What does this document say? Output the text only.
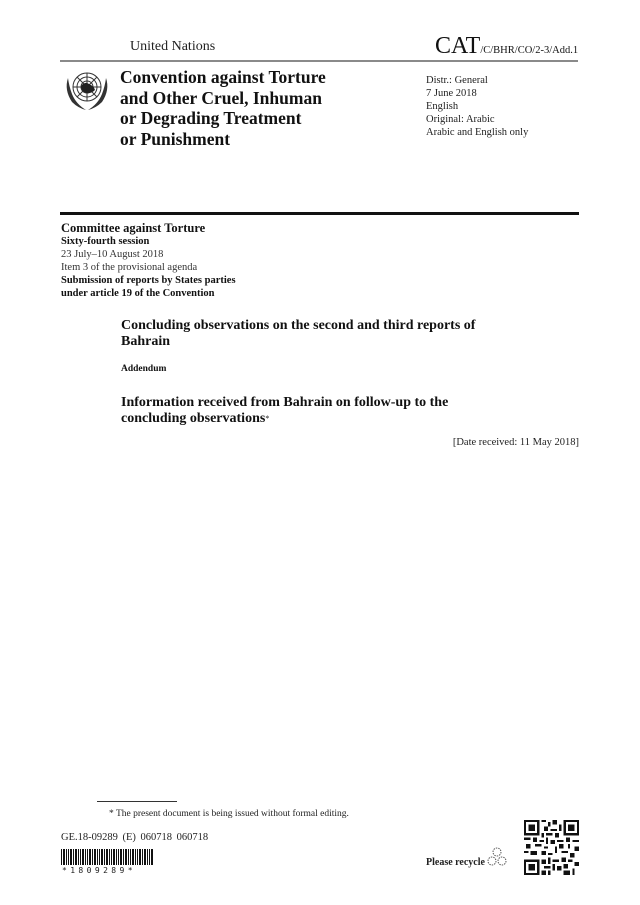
United Nations	CAT/C/BHR/CO/2-3/Add.1
Convention against Torture
and Other Cruel, Inhuman
or Degrading Treatment
or Punishment
Distr.: General
7 June 2018
English
Original: Arabic
Arabic and English only
Committee against Torture
Sixty-fourth session
23 July–10 August 2018
Item 3 of the provisional agenda
Submission of reports by States parties
under article 19 of the Convention
Concluding observations on the second and third reports of
Bahrain
Addendum
Information received from Bahrain on follow-up to the
concluding observations*
[Date received: 11 May 2018]
* The present document is being issued without formal editing.
GE.18-09289 (E) 060718 060718
*1809289*
Please recycle
